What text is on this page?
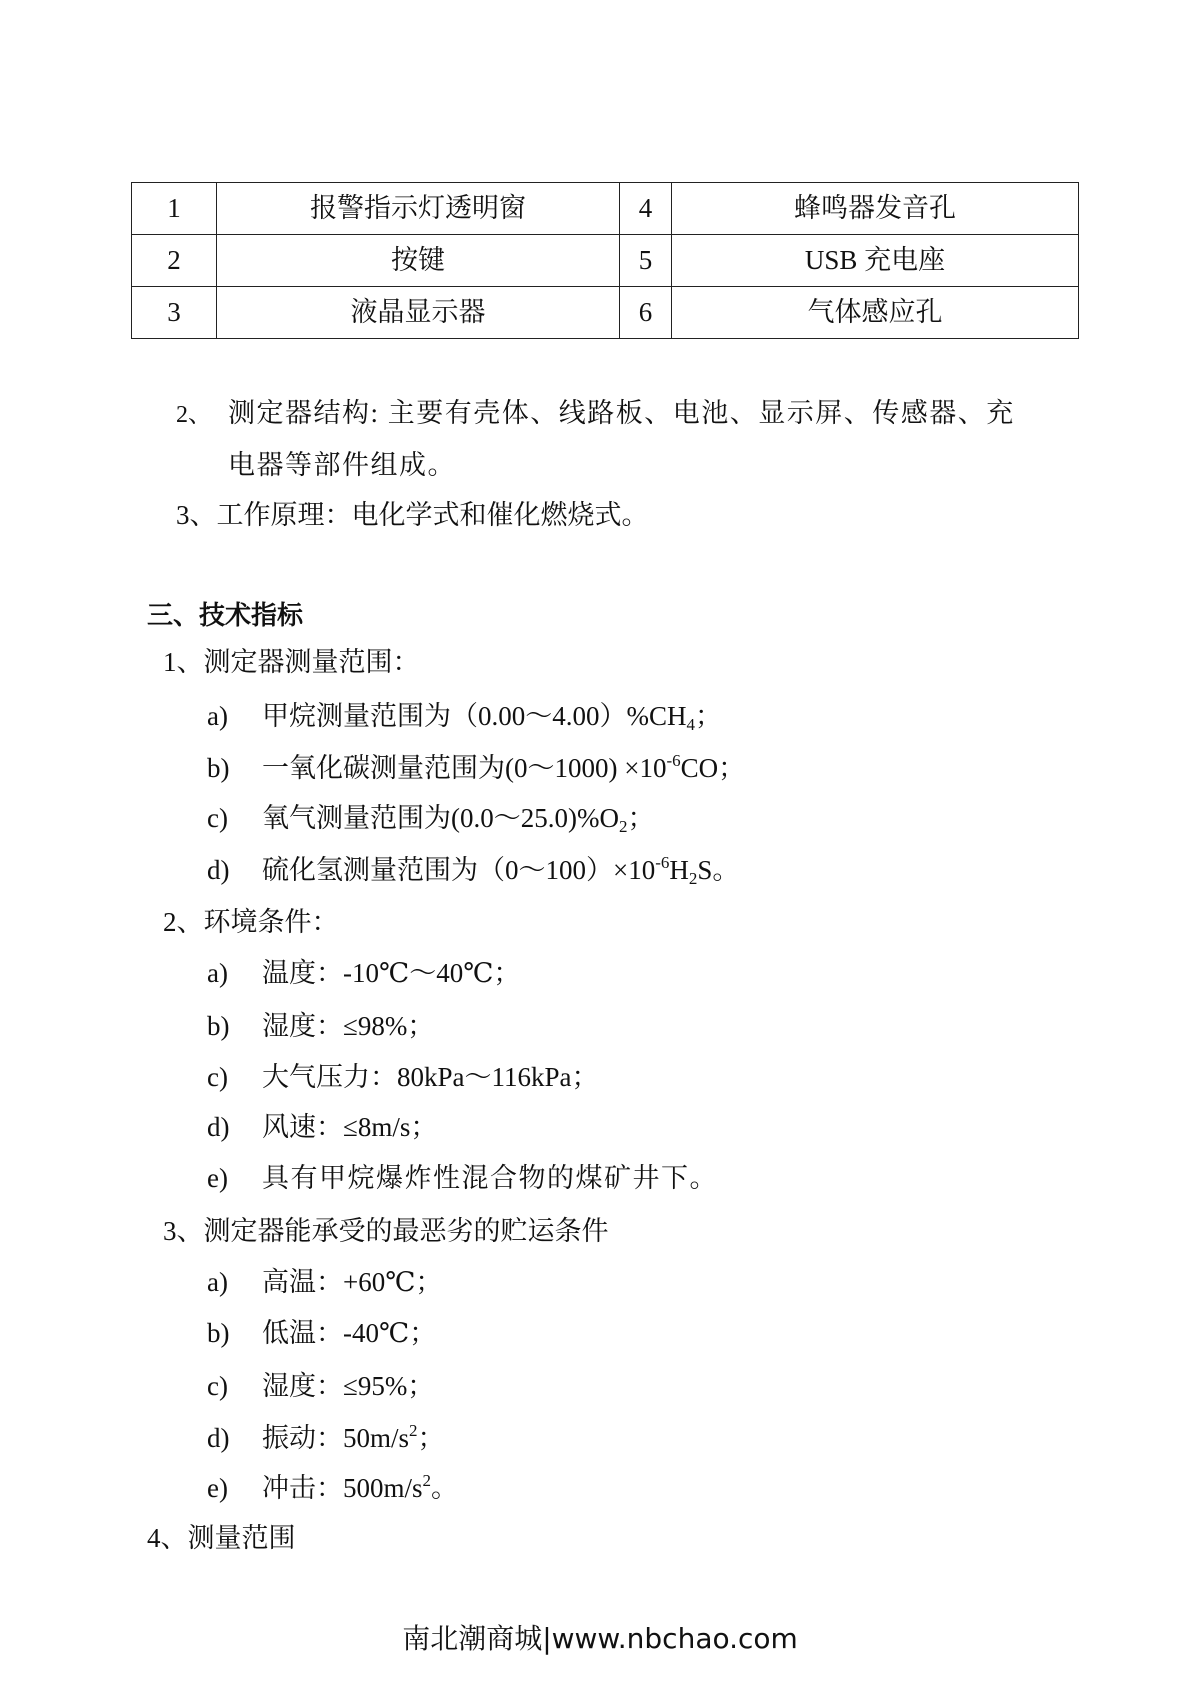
1	报警指示灯透明窗	4	蜂鸣器发音孔
2	按键	5	USB 充电座
3	液晶显示器	6	气体感应孔
2、 测定器结构: 主要有壳体、线路板、电池、显示屏、传感器、充
电器等部件组成。
3、工作原理：电化学式和催化燃烧式。
三、技术指标
1、测定器测量范围：
a) 甲烷测量范围为$(0.00\sim 4.00)\%CH_4$；
b) 一氧化碳测量范围为(0～1000) $\times 10^{-6}CO$；
c) 氧气测量范围为$(0.0\sim 25.0)\%O_2$；
d) 硫化氢测量范围为$(0\sim 100)\times 10^{-6}H_2S$。
2、环境条件：
a) 温度：-10℃～40℃；
b) 湿度：≤98%；
c) 大气压力：80kPa～116kPa；
d) 风速：≤8m/s；
e) 具有甲烷爆炸性混合物的煤矿井下。
3、测定器能承受的最恶劣的贮运条件
a) 高温：+60℃；
b) 低温：-40℃；
c) 湿度：≤95%；
d) 振动：$50m/s^2$；
e) 冲击：$500m/s^2$。
4、测量范围
南北潮商城|www.nbchao.com
